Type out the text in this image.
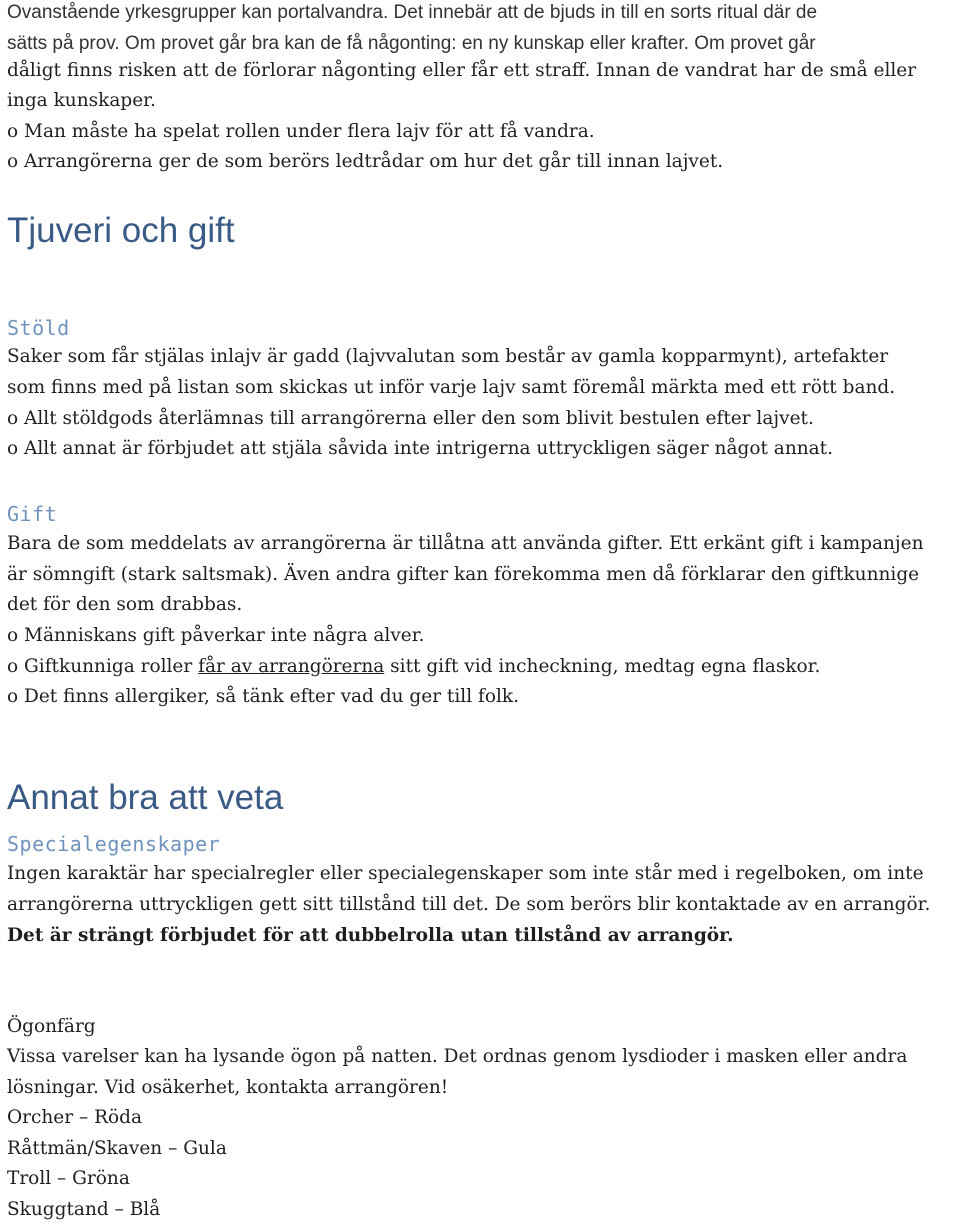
Ovanstående yrkesgrupper kan portalvandra. Det innebär att de bjuds in till en sorts ritual där de
sätts på prov. Om provet går bra kan de få någonting: en ny kunskap eller krafter. Om provet går
dåligt finns risken att de förlorar någonting eller får ett straff. Innan de vandrat har de små eller
inga kunskaper.
o Man måste ha spelat rollen under flera lajv för att få vandra.
o Arrangörerna ger de som berörs ledtrådar om hur det går till innan lajvet.
Tjuveri och gift
Stöld
Saker som får stjälas inlajv är gadd (lajvvalutan som består av gamla kopparmynt), artefakter
som finns med på listan som skickas ut inför varje lajv samt föremål märkta med ett rött band.
o Allt stöldgods återlämnas till arrangörerna eller den som blivit bestulen efter lajvet.
o Allt annat är förbjudet att stjäla såvida inte intrigerna uttryckligen säger något annat.
Gift
Bara de som meddelats av arrangörerna är tillåtna att använda gifter. Ett erkänt gift i kampanjen
är sömngift (stark saltsmak). Även andra gifter kan förekomma men då förklarar den giftkunnige
det för den som drabbas.
o Människans gift påverkar inte några alver.
o Giftkunniga roller får av arrangörerna sitt gift vid incheckning, medtag egna flaskor.
o Det finns allergiker, så tänk efter vad du ger till folk.
Annat bra att veta
Specialegenskaper
Ingen karaktär har specialregler eller specialegenskaper som inte står med i regelboken, om inte
arrangörerna uttryckligen gett sitt tillstånd till det. De som berörs blir kontaktade av en arrangör.
Det är strängt förbjudet för att dubbelrolla utan tillstånd av arrangör.
Ögonfärg
Vissa varelser kan ha lysande ögon på natten. Det ordnas genom lysdioder i masken eller andra
lösningar. Vid osäkerhet, kontakta arrangören!
Orcher – Röda
Råttmän/Skaven – Gula
Troll – Gröna
Skuggtand – Blå
